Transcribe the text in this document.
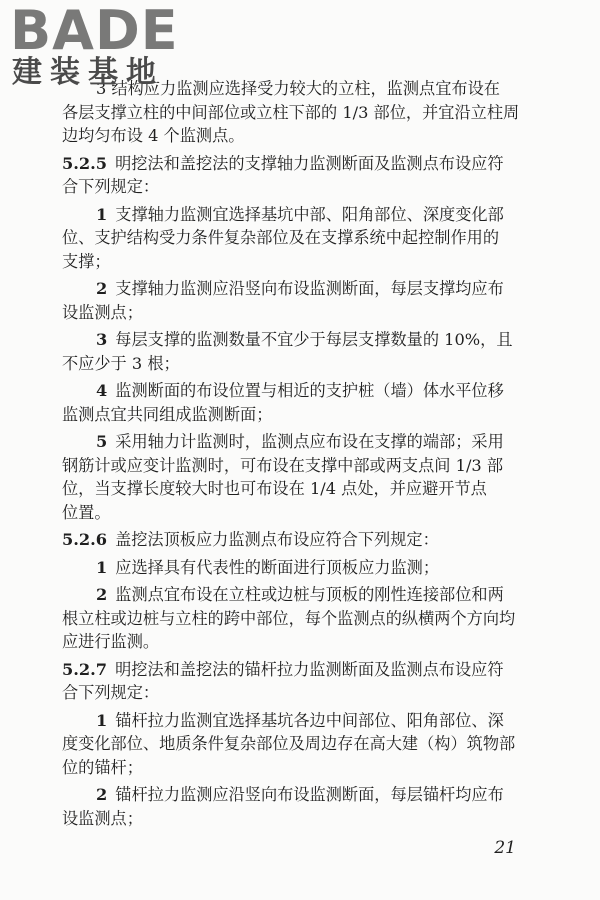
BADE
建装基地
3 结构应力监测应选择受力较大的立柱，监测点宜布设在
各层支撑立柱的中间部位或立柱下部的 1/3 部位，并宜沿立柱周
边均匀布设 4 个监测点。
5.2.5 明挖法和盖挖法的支撑轴力监测断面及监测点布设应符
合下列规定：
1 支撑轴力监测宜选择基坑中部、阳角部位、深度变化部
位、支护结构受力条件复杂部位及在支撑系统中起控制作用的
支撑；
2 支撑轴力监测应沿竖向布设监测断面，每层支撑均应布
设监测点；
3 每层支撑的监测数量不宜少于每层支撑数量的 10%，且
不应少于 3 根；
4 监测断面的布设位置与相近的支护桩（墙）体水平位移
监测点宜共同组成监测断面；
5 采用轴力计监测时，监测点应布设在支撑的端部；采用
钢筋计或应变计监测时，可布设在支撑中部或两支点间 1/3 部
位，当支撑长度较大时也可布设在 1/4 点处，并应避开节点
位置。
5.2.6 盖挖法顶板应力监测点布设应符合下列规定：
1 应选择具有代表性的断面进行顶板应力监测；
2 监测点宜布设在立柱或边桩与顶板的刚性连接部位和两
根立柱或边桩与立柱的跨中部位，每个监测点的纵横两个方向均
应进行监测。
5.2.7 明挖法和盖挖法的锚杆拉力监测断面及监测点布设应符
合下列规定：
1 锚杆拉力监测宜选择基坑各边中间部位、阳角部位、深
度变化部位、地质条件复杂部位及周边存在高大建（构）筑物部
位的锚杆；
2 锚杆拉力监测应沿竖向布设监测断面，每层锚杆均应布
设监测点；
21
